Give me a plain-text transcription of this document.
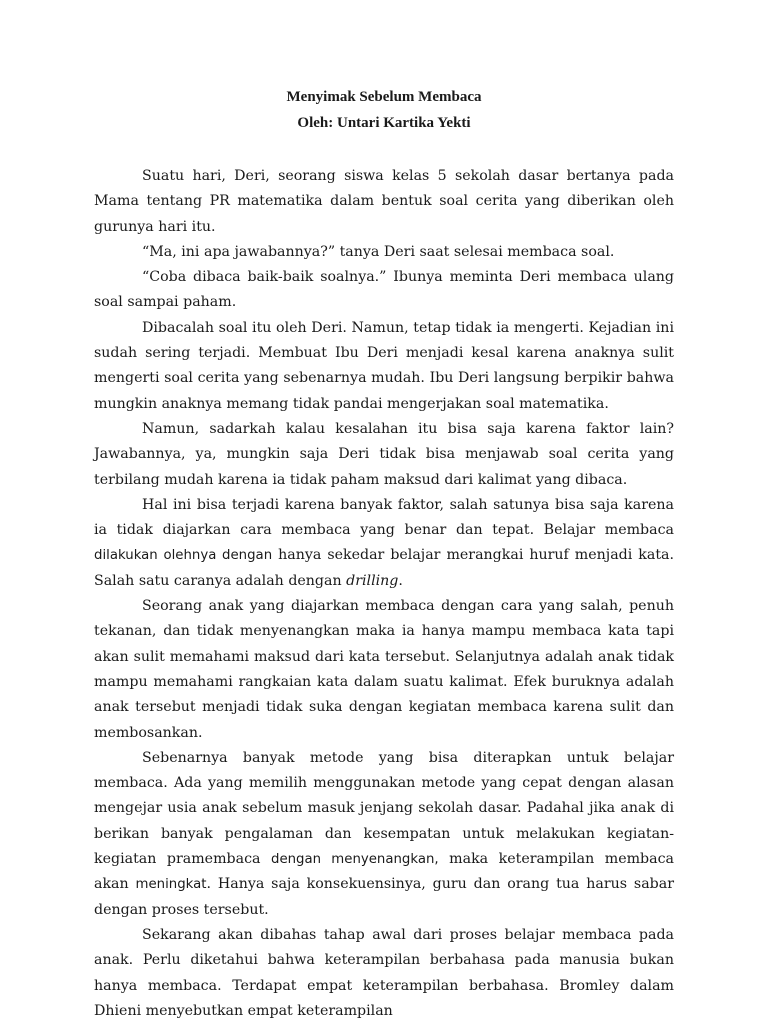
Menyimak Sebelum Membaca
Oleh: Untari Kartika Yekti

Suatu hari, Deri, seorang siswa kelas 5 sekolah dasar bertanya pada Mama tentang PR matematika dalam bentuk soal cerita yang diberikan oleh gurunya hari itu.

“Ma, ini apa jawabannya?” tanya Deri saat selesai membaca soal.

“Coba dibaca baik-baik soalnya.” Ibunya meminta Deri membaca ulang soal sampai paham.

Dibacalah soal itu oleh Deri. Namun, tetap tidak ia mengerti. Kejadian ini sudah sering terjadi. Membuat Ibu Deri menjadi kesal karena anaknya sulit mengerti soal cerita yang sebenarnya mudah. Ibu Deri langsung berpikir bahwa mungkin anaknya memang tidak pandai mengerjakan soal matematika.

Namun, sadarkah kalau kesalahan itu bisa saja karena faktor lain? Jawabannya, ya, mungkin saja Deri tidak bisa menjawab soal cerita yang terbilang mudah karena ia tidak paham maksud dari kalimat yang dibaca.

Hal ini bisa terjadi karena banyak faktor, salah satunya bisa saja karena ia tidak diajarkan cara membaca yang benar dan tepat. Belajar membaca dilakukan olehnya dengan hanya sekedar belajar merangkai huruf menjadi kata. Salah satu caranya adalah dengan drilling.

Seorang anak yang diajarkan membaca dengan cara yang salah, penuh tekanan, dan tidak menyenangkan maka ia hanya mampu membaca kata tapi akan sulit memahami maksud dari kata tersebut. Selanjutnya adalah anak tidak mampu memahami rangkaian kata dalam suatu kalimat. Efek buruknya adalah anak tersebut menjadi tidak suka dengan kegiatan membaca karena sulit dan membosankan.

Sebenarnya banyak metode yang bisa diterapkan untuk belajar membaca. Ada yang memilih menggunakan metode yang cepat dengan alasan mengejar usia anak sebelum masuk jenjang sekolah dasar. Padahal jika anak di berikan banyak pengalaman dan kesempatan untuk melakukan kegiatan-kegiatan pramembaca dengan menyenangkan, maka keterampilan membaca akan meningkat. Hanya saja konsekuensinya, guru dan orang tua harus sabar dengan proses tersebut.

Sekarang akan dibahas tahap awal dari proses belajar membaca pada anak. Perlu diketahui bahwa keterampilan berbahasa pada manusia bukan hanya membaca. Terdapat empat keterampilan berbahasa. Bromley dalam Dhieni menyebutkan empat keterampilan
